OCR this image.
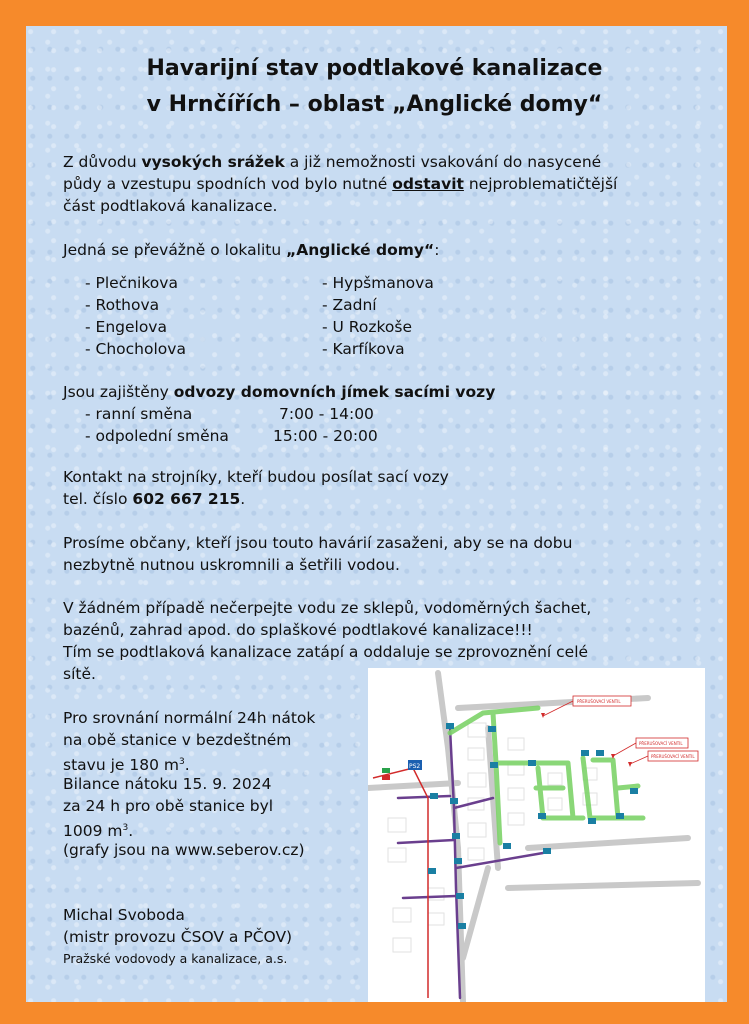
Havarijní stav podtlakové kanalizace
v Hrnčířích – oblast „Anglické domy“
Z důvodu vysokých srážek a již nemožnosti vsakování do nasycené
půdy a vzestupu spodních vod bylo nutné odstavit nejproblematičtější
část podtlaková kanalizace.
Jedná se převážně o lokalitu „Anglické domy“:
- Plečnikova
- Rothova
- Engelova
- Chocholova
- Hypšmanova
- Zadní
- U Rozkoše
- Karfíkova
Jsou zajištěny odvozy domovních jímek sacími vozy
- ranní směna	7:00 - 14:00
- odpolední směna	15:00 - 20:00
Kontakt na strojníky, kteří budou posílat sací vozy
tel. číslo 602 667 215.
Prosíme občany, kteří jsou touto havárií zasaženi, aby se na dobu
nezbytně nutnou uskromnili a šetřili vodou.
V žádném případě nečerpejte vodu ze sklepů, vodoměrných šachet,
bazénů, zahrad apod. do splaškové podtlakové kanalizace!!!
Tím se podtlaková kanalizace zatápí a oddaluje se zprovoznění celé
sítě.
Pro srovnání normální 24h nátok
na obě stanice v bezdeštném
stavu je 180 $m^3$.
Bilance nátoku 15. 9. 2024
za 24 h pro obě stanice byl
1009 $m^3$.
(grafy jsou na www.seberov.cz)
Michal Svoboda
(mistr provozu ČSOV a PČOV)
Pražské vodovody a kanalizace, a.s.
PS2
PŘERUŠOVACÍ VENTIL
PŘERUŠOVACÍ VENTIL
PŘERUŠOVACÍ VENTIL
